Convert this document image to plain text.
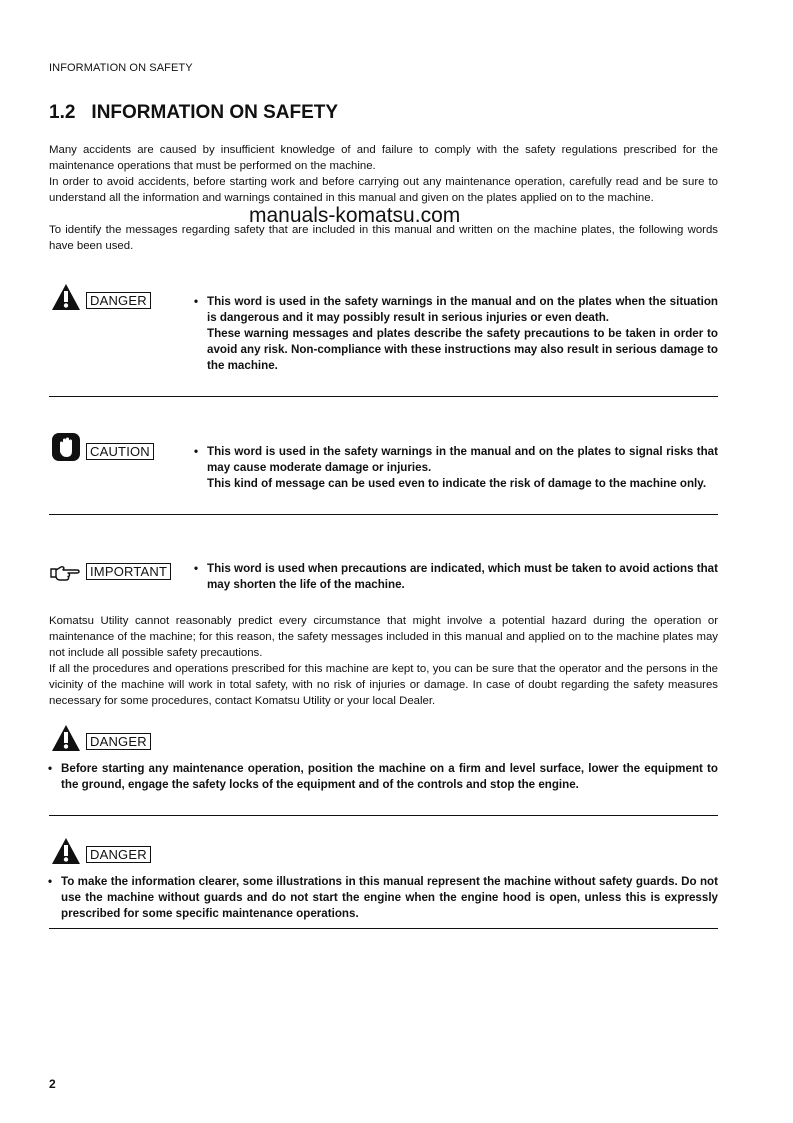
INFORMATION ON SAFETY
1.2 INFORMATION ON SAFETY

Many accidents are caused by insufficient knowledge of and failure to comply with the safety regulations prescribed for the maintenance operations that must be performed on the machine.

In order to avoid accidents, before starting work and before carrying out any maintenance operation, carefully read and be sure to understand all the information and warnings contained in this manual and given on the plates applied on to the machine.

To identify the messages regarding safety that are included in this manual and written on the machine plates, the following words have been used.

manuals-komatsu.com
DANGER	• This word is used in the safety warnings in the manual and on the plates when the situation is dangerous and it may possibly result in serious injuries or even death.
These warning messages and plates describe the safety precautions to be taken in order to avoid any risk. Non-compliance with these instructions may also result in serious damage to the machine.
CAUTION	• This word is used in the safety warnings in the manual and on the plates to signal risks that may cause moderate damage or injuries.
This kind of message can be used even to indicate the risk of damage to the machine only.
IMPORTANT	• This word is used when precautions are indicated, which must be taken to avoid actions that may shorten the life of the machine.

Komatsu Utility cannot reasonably predict every circumstance that might involve a potential hazard during the operation or maintenance of the machine; for this reason, the safety messages included in this manual and applied on to the machine plates may not include all possible safety precautions.

If all the procedures and operations prescribed for this machine are kept to, you can be sure that the operator and the persons in the vicinity of the machine will work in total safety, with no risk of injuries or damage. In case of doubt regarding the safety measures necessary for some procedures, contact Komatsu Utility or your local Dealer.

DANGER
• Before starting any maintenance operation, position the machine on a firm and level surface, lower the equipment to the ground, engage the safety locks of the equipment and of the controls and stop the engine.
DANGER
• To make the information clearer, some illustrations in this manual represent the machine without safety guards. Do not use the machine without guards and do not start the engine when the engine hood is open, unless this is expressly prescribed for some specific maintenance operations.
2
